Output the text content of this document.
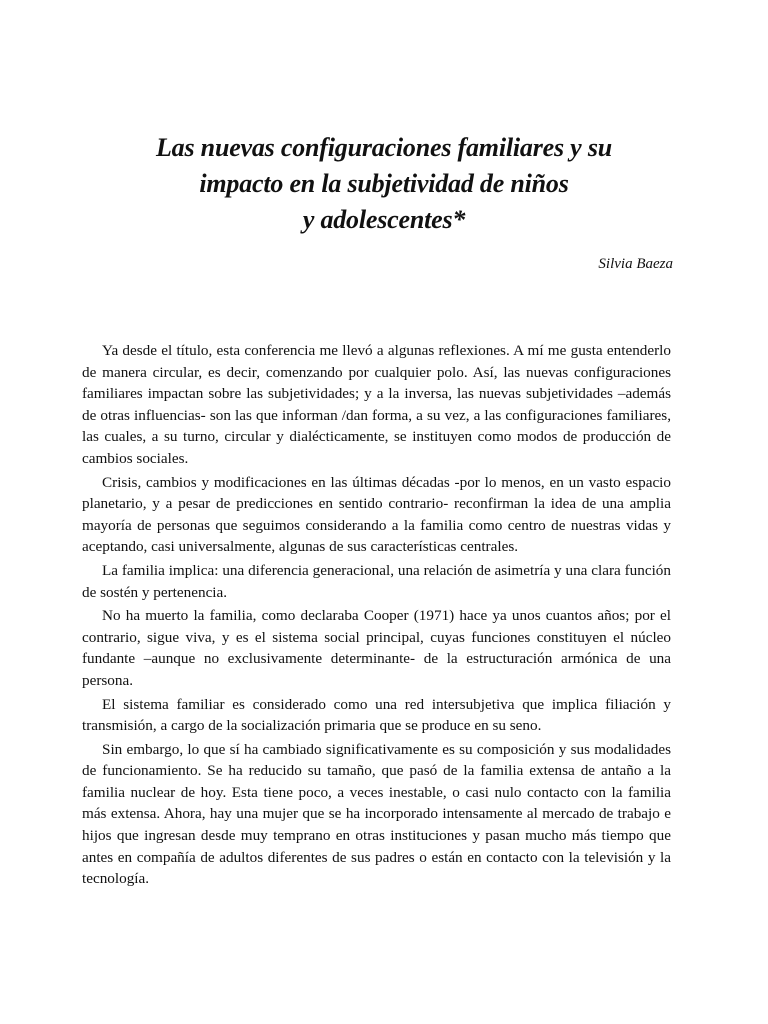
Las nuevas configuraciones familiares y su
impacto en la subjetividad de niños
y adolescentes*
Silvia Baeza

Ya desde el título, esta conferencia me llevó a algunas reflexiones. A mí me gusta entenderlo de manera circular, es decir, comenzando por cualquier polo. Así, las nuevas configuraciones familiares impactan sobre las subjetividades; y a la inversa, las nuevas subjetividades –además de otras influencias- son las que informan /dan forma, a su vez, a las configuraciones familiares, las cuales, a su turno, circular y dialécticamente, se instituyen como modos de producción de cambios sociales.

Crisis, cambios y modificaciones en las últimas décadas -por lo menos, en un vasto espacio planetario, y a pesar de predicciones en sentido contrario- reconfirman la idea de una amplia mayoría de personas que seguimos considerando a la familia como centro de nuestras vidas y aceptando, casi universalmente, algunas de sus características centrales.

La familia implica: una diferencia generacional, una relación de asimetría y una clara función de sostén y pertenencia.

No ha muerto la familia, como declaraba Cooper (1971) hace ya unos cuantos años; por el contrario, sigue viva, y es el sistema social principal, cuyas funciones constituyen el núcleo fundante –aunque no exclusivamente determinante- de la estructuración armónica de una persona.

El sistema familiar es considerado como una red intersubjetiva que implica filiación y transmisión, a cargo de la socialización primaria que se produce en su seno.

Sin embargo, lo que sí ha cambiado significativamente es su composición y sus modalidades de funcionamiento. Se ha reducido su tamaño, que pasó de la familia extensa de antaño a la familia nuclear de hoy. Esta tiene poco, a veces inestable, o casi nulo contacto con la familia más extensa. Ahora, hay una mujer que se ha incorporado intensamente al mercado de trabajo e hijos que ingresan desde muy temprano en otras instituciones y pasan mucho más tiempo que antes en compañía de adultos diferentes de sus padres o están en contacto con la televisión y la tecnología.
